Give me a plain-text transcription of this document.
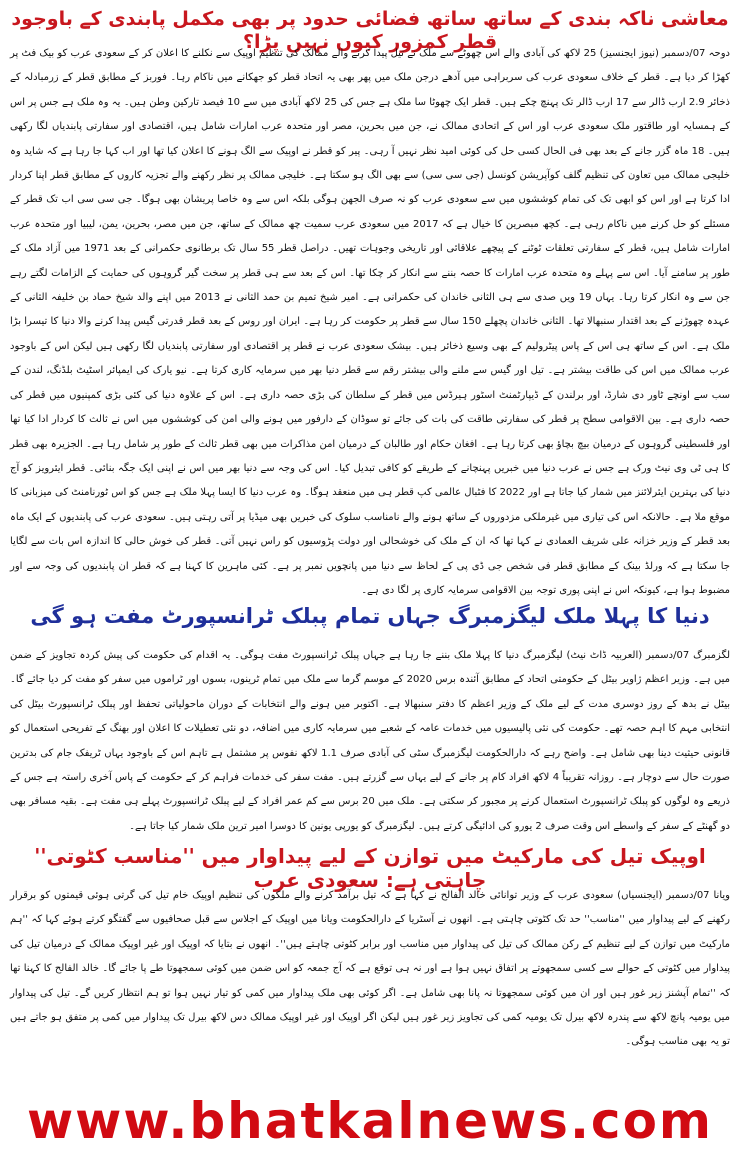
معاشی ناکہ بندی کے ساتھ ساتھ فضائی حدود پر بھی مکمل پابندی کے باوجود قطر کمزور کیوں نہیں پڑا؟

دوحہ 07/دسمبر (نیوز ایجنسیز) 25 لاکھ کی آبادی والے اس چھوٹے سے ملک نے تیل پیدا کرنے والے ممالک کی تنظیم اوپیک سے نکلنے کا اعلان کر کے سعودی عرب کو بیک فٹ پر کھڑا کر دیا ہے۔ قطر کے خلاف سعودی عرب کی سربراہی میں آدھے درجن ملک میں پھر بھی یہ اتحاد قطر کو جھکانے میں ناکام رہا۔ فوربز کے مطابق قطر کے زرمبادلہ کے ذخائر 2.9 ارب ڈالر سے 17 ارب ڈالر تک پہنچ چکے ہیں۔ قطر ایک چھوٹا سا ملک ہے جس کی 25 لاکھ آبادی میں سے 10 فیصد تارکین وطن ہیں۔ یہ وہ ملک ہے جس پر اس کے ہمسایہ اور طاقتور ملک سعودی عرب اور اس کے اتحادی ممالک نے، جن میں بحرین، مصر اور متحدہ عرب امارات شامل ہیں، اقتصادی اور سفارتی پابندیاں لگا رکھی ہیں۔ 18 ماہ گزر جانے کے بعد بھی فی الحال کسی حل کی کوئی امید نظر نہیں آ رہی۔ پیر کو قطر نے اوپیک سے الگ ہونے کا اعلان کیا تھا اور اب کہا جا رہا ہے کہ شاید وہ خلیجی ممالک میں تعاون کی تنظیم گلف کوآپریشن کونسل (جی سی سی) سے بھی الگ ہو سکتا ہے۔ خلیجی ممالک پر نظر رکھنے والے تجزیہ کاروں کے مطابق قطر اپنا کردار ادا کرتا ہے اور اس کو ابھی تک کی تمام کوششوں میں سے سعودی عرب کو نہ صرف الجھن ہوگی بلکہ اس سے وہ خاصا پریشان بھی ہوگا۔ جی سی سی اب تک قطر کے مسئلے کو حل کرنے میں ناکام رہی ہے۔ کچھ مبصرین کا خیال ہے کہ 2017 میں سعودی عرب سمیت چھ ممالک کے ساتھ، جن میں مصر، بحرین، یمن، لیبیا اور متحدہ عرب امارات شامل ہیں، قطر کے سفارتی تعلقات ٹوٹنے کے پیچھے علاقائی اور تاریخی وجوہات تھیں۔ دراصل قطر 55 سال تک برطانوی حکمرانی کے بعد 1971 میں آزاد ملک کے طور پر سامنے آیا۔ اس سے پہلے وہ متحدہ عرب امارات کا حصہ بننے سے انکار کر چکا تھا۔ اس کے بعد سے ہی قطر پر سخت گیر گروہوں کی حمایت کے الزامات لگتے رہے جن سے وہ انکار کرتا رہا۔ یہاں 19 ویں صدی سے ہی الثانی خاندان کی حکمرانی ہے۔ امیر شیخ تمیم بن حمد الثانی نے 2013 میں اپنے والد شیخ حماد بن خلیفہ الثانی کے عہدہ چھوڑنے کے بعد اقتدار سنبھالا تھا۔ الثانی خاندان پچھلے 150 سال سے قطر پر حکومت کر رہا ہے۔ ایران اور روس کے بعد قطر قدرتی گیس پیدا کرنے والا دنیا کا تیسرا بڑا ملک ہے۔ اس کے ساتھ ہی اس کے پاس پیٹرولیم کے بھی وسیع ذخائر ہیں۔ بیشک سعودی عرب نے قطر پر اقتصادی اور سفارتی پابندیاں لگا رکھی ہیں لیکن اس کے باوجود عرب ممالک میں اس کی طاقت بیشتر ہے۔ تیل اور گیس سے ملنے والی بیشتر رقم سے قطر دنیا بھر میں سرمایہ کاری کرتا ہے۔ نیو یارک کی ایمپائر اسٹیٹ بلڈنگ، لندن کے سب سے اونچے ٹاور دی شارڈ، اور برلندن کے ڈیپارٹمنٹ اسٹور ہیرڈس میں قطر کے سلطان کی بڑی حصہ داری ہے۔ اس کے علاوہ دنیا کی کئی بڑی کمپنیوں میں قطر کی حصہ داری ہے۔ بین الاقوامی سطح پر قطر کی سفارتی طاقت کی بات کی جائے تو سوڈان کے دارفور میں ہونے والی امن کی کوششوں میں اس نے ثالث کا کردار ادا کیا تھا اور فلسطینی گروہوں کے درمیان بیچ بچاؤ بھی کرتا رہا ہے۔ افغان حکام اور طالبان کے درمیان امن مذاکرات میں بھی قطر ثالث کے طور پر شامل رہا ہے۔ الجزیرہ بھی قطر کا ہی ٹی وی نیٹ ورک ہے جس نے عرب دنیا میں خبریں پہنچانے کے طریقے کو کافی تبدیل کیا۔ اس کی وجہ سے دنیا بھر میں اس نے اپنی ایک جگہ بنائی۔ قطر ایئرویز کو آج دنیا کی بہترین ایئرلائنز میں شمار کیا جاتا ہے اور 2022 کا فٹبال عالمی کپ قطر ہی میں منعقد ہوگا۔ وہ عرب دنیا کا ایسا پہلا ملک ہے جس کو اس ٹورنامنٹ کی میزبانی کا موقع ملا ہے۔ حالانکہ اس کی تیاری میں غیرملکی مزدوروں کے ساتھ ہونے والے نامناسب سلوک کی خبریں بھی میڈیا پر آتی رہتی ہیں۔ سعودی عرب کی پابندیوں کے ایک ماہ بعد قطر کے وزیر خزانہ علی شریف العمادی نے کہا تھا کہ ان کے ملک کی خوشحالی اور دولت پڑوسیوں کو راس نہیں آتی۔ قطر کی خوش حالی کا اندازہ اس بات سے لگایا جا سکتا ہے کہ ورلڈ بینک کے مطابق قطر فی شخص جی ڈی پی کے لحاظ سے دنیا میں پانچویں نمبر پر ہے۔ کئی ماہرین کا کہنا ہے کہ قطر ان پابندیوں کی وجہ سے اور مضبوط ہوا ہے، کیونکہ اس نے اپنی پوری توجہ بین الاقوامی سرمایہ کاری پر لگا دی ہے۔

دنیا کا پہلا ملک لیگزمبرگ جہاں تمام پبلک ٹرانسپورٹ مفت ہو گی

لگزمبرگ 07/دسمبر (العربیہ ڈاٹ نیٹ) لیگزمبرگ دنیا کا پہلا ملک بننے جا رہا ہے جہاں پبلک ٹرانسپورٹ مفت ہوگی۔ یہ اقدام کی حکومت کی پیش کردہ تجاویز کے ضمن میں ہے۔ وزیر اعظم ژاویر بیٹل کے حکومتی اتحاد کے مطابق آئندہ برس 2020 کے موسم گرما سے ملک میں تمام ٹرینوں، بسوں اور ٹراموں میں سفر کو مفت کر دیا جائے گا۔ بیٹل نے بدھ کے روز دوسری مدت کے لیے ملک کے وزیر اعظم کا دفتر سنبھالا ہے۔ اکتوبر میں ہونے والے انتخابات کے دوران ماحولیاتی تحفظ اور پبلک ٹرانسپورٹ بیٹل کی انتخابی مہم کا اہم حصہ تھے۔ حکومت کی نئی پالیسیوں میں خدمات عامہ کے شعبے میں سرمایہ کاری میں اضافہ، دو نئی تعطیلات کا اعلان اور بھنگ کے تفریحی استعمال کو قانونی حیثیت دینا بھی شامل ہے۔ واضح رہے کہ دارالحکومت لیگزمبرگ سٹی کی آبادی صرف 1.1 لاکھ نفوس پر مشتمل ہے تاہم اس کے باوجود یہاں ٹریفک جام کی بدترین صورت حال سے دوچار ہے۔ روزانہ تقریباً 4 لاکھ افراد کام پر جانے کے لیے یہاں سے گزرتے ہیں۔ مفت سفر کی خدمات فراہم کر کے حکومت کے پاس آخری راستہ ہے جس کے ذریعے وہ لوگوں کو پبلک ٹرانسپورٹ استعمال کرنے پر مجبور کر سکتی ہے۔ ملک میں 20 برس سے کم عمر افراد کے لیے پبلک ٹرانسپورٹ پہلے ہی مفت ہے۔ بقیہ مسافر بھی دو گھنٹے کے سفر کے واسطے اس وقت صرف 2 یورو کی ادائیگی کرتے ہیں۔ لیگزمبرگ کو یورپی یونین کا دوسرا امیر ترین ملک شمار کیا جاتا ہے۔

اوپیک تیل کی مارکیٹ میں توازن کے لیے پیداوار میں ''مناسب کٹوتی'' چاہتی ہے: سعودی عرب

ویانا 07/دسمبر (ایجنسیاں) سعودی عرب کے وزیر توانائی خالد الفالح نے کہا ہے کہ تیل برآمد کرنے والے ملکوں کی تنظیم اوپیک خام تیل کی گرتی ہوئی قیمتوں کو برقرار رکھنے کے لیے پیداوار میں ''مناسب'' حد تک کٹوتی چاہتی ہے۔ انھوں نے آسٹریا کے دارالحکومت ویانا میں اوپیک کے اجلاس سے قبل صحافیوں سے گفتگو کرتے ہوئے کہا کہ ''ہم مارکیٹ میں توازن کے لیے تنظیم کے رکن ممالک کی تیل کی پیداوار میں مناسب اور برابر کٹوتی چاہتے ہیں''۔ انھوں نے بتایا کہ اوپیک اور غیر اوپیک ممالک کے درمیان تیل کی پیداوار میں کٹوتی کے حوالے سے کسی سمجھوتے پر اتفاق نہیں ہوا ہے اور نہ ہی توقع ہے کہ آج جمعہ کو اس ضمن میں کوئی سمجھوتا طے پا جائے گا۔ خالد الفالح کا کہنا تھا کہ ''تمام آپشنز زیر غور ہیں اور ان میں کوئی سمجھوتا نہ پانا بھی شامل ہے۔ اگر کوئی بھی ملک پیداوار میں کمی کو تیار نہیں ہوا تو ہم انتظار کریں گے۔ تیل کی پیداوار میں یومیہ پانچ لاکھ سے پندرہ لاکھ بیرل تک یومیہ کمی کی تجاویز زیر غور ہیں لیکن اگر اوپیک اور غیر اوپیک ممالک دس لاکھ بیرل تک پیداوار میں کمی پر متفق ہو جاتے ہیں تو یہ بھی مناسب ہوگی۔

www.bhatkalnews.com
